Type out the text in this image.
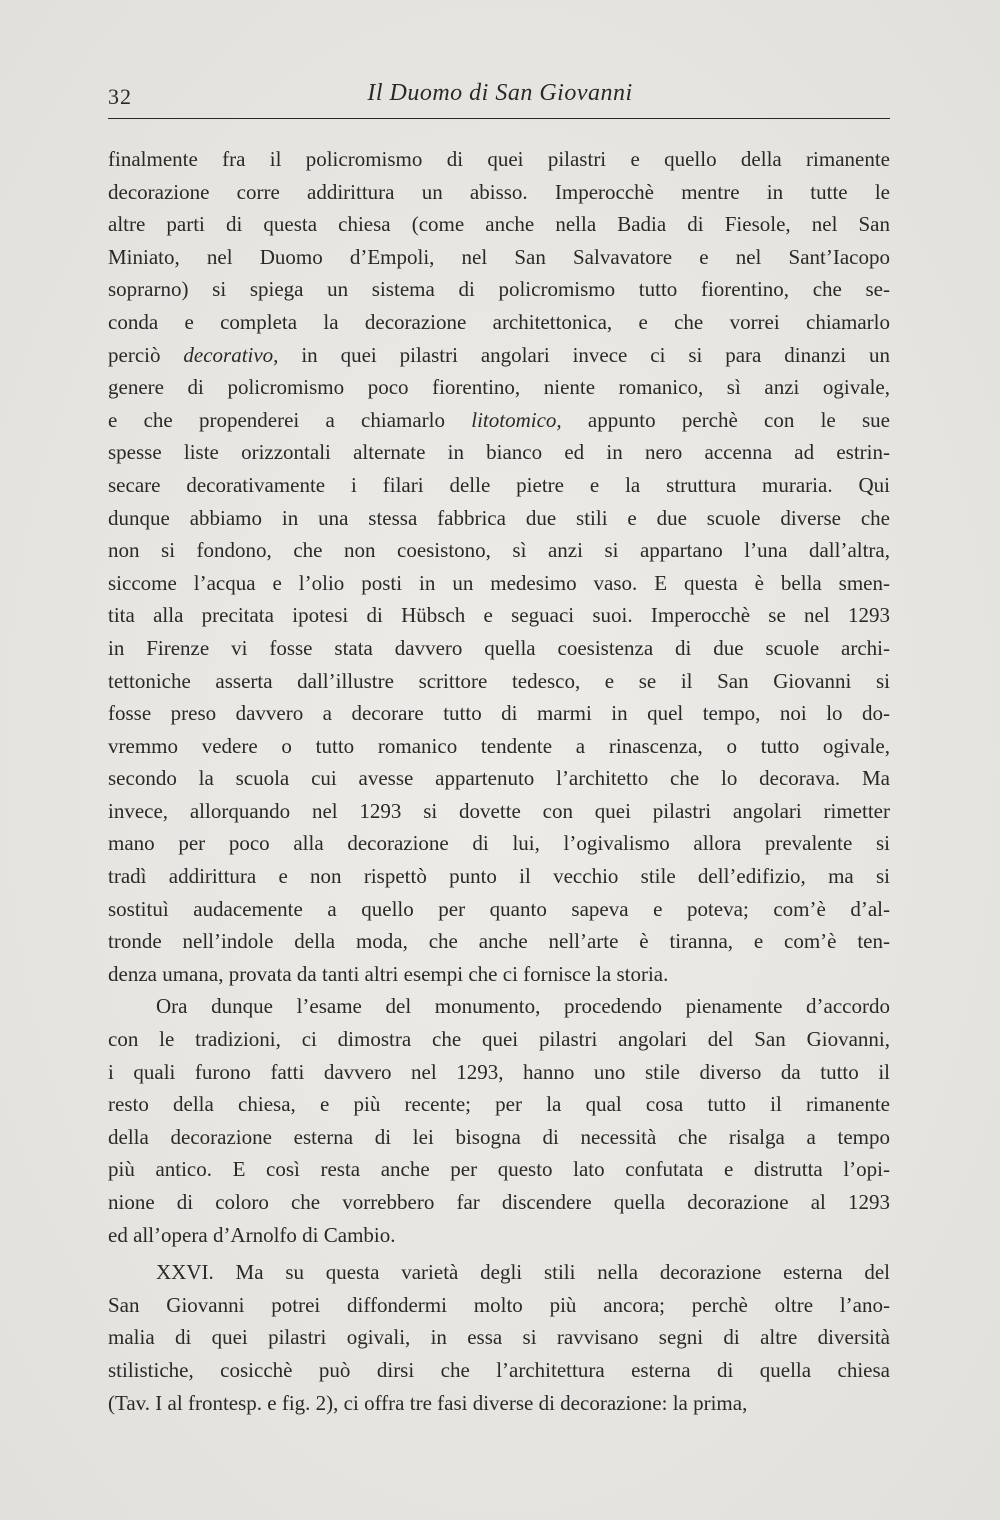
32	Il Duomo di San Giovanni
finalmente fra il policromismo di quei pilastri e quello della rimanente
decorazione corre addirittura un abisso. Imperocchè mentre in tutte le
altre parti di questa chiesa (come anche nella Badia di Fiesole, nel San
Miniato, nel Duomo d’Empoli, nel San Salvavatore e nel Sant’Iacopo
soprarno) si spiega un sistema di policromismo tutto fiorentino, che se-
conda e completa la decorazione architettonica, e che vorrei chiamarlo
perciò decorativo, in quei pilastri angolari invece ci si para dinanzi un
genere di policromismo poco fiorentino, niente romanico, sì anzi ogivale,
e che propenderei a chiamarlo litotomico, appunto perchè con le sue
spesse liste orizzontali alternate in bianco ed in nero accenna ad estrin-
secare decorativamente i filari delle pietre e la struttura muraria. Qui
dunque abbiamo in una stessa fabbrica due stili e due scuole diverse che
non si fondono, che non coesistono, sì anzi si appartano l’una dall’altra,
siccome l’acqua e l’olio posti in un medesimo vaso. E questa è bella smen-
tita alla precitata ipotesi di Hübsch e seguaci suoi. Imperocchè se nel 1293
in Firenze vi fosse stata davvero quella coesistenza di due scuole archi-
tettoniche asserta dall’illustre scrittore tedesco, e se il San Giovanni si
fosse preso davvero a decorare tutto di marmi in quel tempo, noi lo do-
vremmo vedere o tutto romanico tendente a rinascenza, o tutto ogivale,
secondo la scuola cui avesse appartenuto l’architetto che lo decorava. Ma
invece, allorquando nel 1293 si dovette con quei pilastri angolari rimetter
mano per poco alla decorazione di lui, l’ogivalismo allora prevalente si
tradì addirittura e non rispettò punto il vecchio stile dell’edifizio, ma si
sostituì audacemente a quello per quanto sapeva e poteva; com’è d’al-
tronde nell’indole della moda, che anche nell’arte è tiranna, e com’è ten-
denza umana, provata da tanti altri esempi che ci fornisce la storia.
Ora dunque l’esame del monumento, procedendo pienamente d’accordo
con le tradizioni, ci dimostra che quei pilastri angolari del San Giovanni,
i quali furono fatti davvero nel 1293, hanno uno stile diverso da tutto il
resto della chiesa, e più recente; per la qual cosa tutto il rimanente
della decorazione esterna di lei bisogna di necessità che risalga a tempo
più antico. E così resta anche per questo lato confutata e distrutta l’opi-
nione di coloro che vorrebbero far discendere quella decorazione al 1293
ed all’opera d’Arnolfo di Cambio.
XXVI. Ma su questa varietà degli stili nella decorazione esterna del
San Giovanni potrei diffondermi molto più ancora; perchè oltre l’ano-
malia di quei pilastri ogivali, in essa si ravvisano segni di altre diversità
stilistiche, cosicchè può dirsi che l’architettura esterna di quella chiesa
(Tav. I al frontesp. e fig. 2), ci offra tre fasi diverse di decorazione: la prima,
